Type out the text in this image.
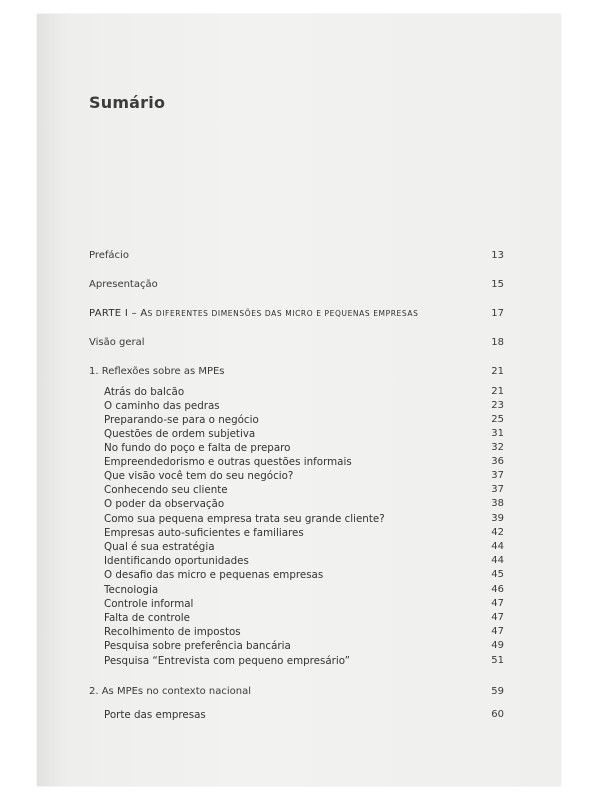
Sumário
Prefácio	13
Apresentação	15
PARTE I – AS DIFERENTES DIMENSÕES DAS MICRO E PEQUENAS EMPRESAS	17
Visão geral	18
1. Reflexões sobre as MPEs	21
Atrás do balcão	21
O caminho das pedras	23
Preparando-se para o negócio	25
Questões de ordem subjetiva	31
No fundo do poço e falta de preparo	32
Empreendedorismo e outras questões informais	36
Que visão você tem do seu negócio?	37
Conhecendo seu cliente	37
O poder da observação	38
Como sua pequena empresa trata seu grande cliente?	39
Empresas auto-suficientes e familiares	42
Qual é sua estratégia	44
Identificando oportunidades	44
O desafio das micro e pequenas empresas	45
Tecnologia	46
Controle informal	47
Falta de controle	47
Recolhimento de impostos	47
Pesquisa sobre preferência bancária	49
Pesquisa “Entrevista com pequeno empresário”	51
2. As MPEs no contexto nacional	59
Porte das empresas	60
